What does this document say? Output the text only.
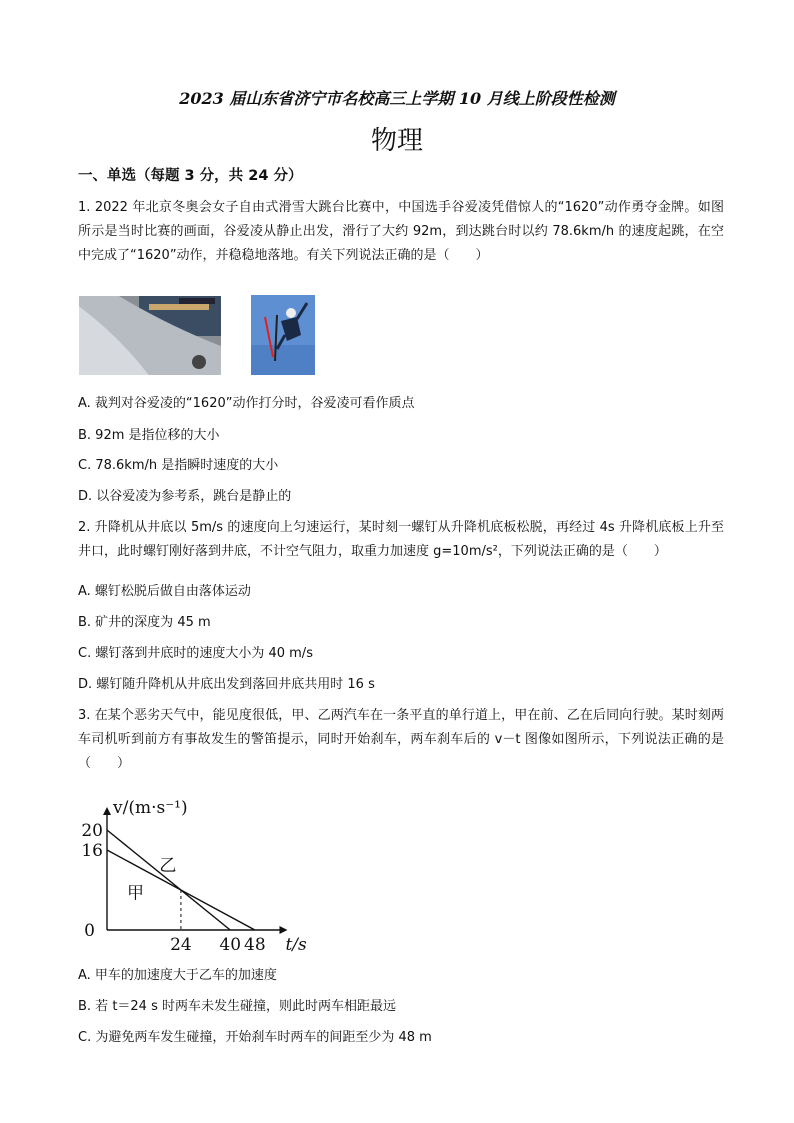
2023 届山东省济宁市名校高三上学期 10 月线上阶段性检测
物理
一、单选（每题 3 分，共 24 分）

1. 2022 年北京冬奥会女子自由式滑雪大跳台比赛中，中国选手谷爱凌凭借惊人的“1620”动作勇夺金牌。如图所示是当时比赛的画面，谷爱凌从静止出发，滑行了大约 92m，到达跳台时以约 78.6km/h 的速度起跳，在空中完成了“1620”动作，并稳稳地落地。有关下列说法正确的是（　　）

A. 裁判对谷爱凌的“1620”动作打分时，谷爱凌可看作质点
B. 92m 是指位移的大小
C. 78.6km/h 是指瞬时速度的大小
D. 以谷爱凌为参考系，跳台是静止的

2. 升降机从井底以 5m/s 的速度向上匀速运行，某时刻一螺钉从升降机底板松脱，再经过 4s 升降机底板上升至井口，此时螺钉刚好落到井底，不计空气阻力，取重力加速度 g=10m/s²，下列说法正确的是（　　）

A. 螺钉松脱后做自由落体运动
B. 矿井的深度为 45 m
C. 螺钉落到井底时的速度大小为 40 m/s
D. 螺钉随升降机从井底出发到落回井底共用时 16 s

3. 在某个恶劣天气中，能见度很低，甲、乙两汽车在一条平直的单行道上，甲在前、乙在后同向行驶。某时刻两车司机听到前方有事故发生的警笛提示，同时开始刹车，两车刹车后的 v－t 图像如图所示，下列说法正确的是（　　）

乙
甲
20
16
24 40 48
0
t/s
v/(m·s⁻¹)
A. 甲车的加速度大于乙车的加速度
B. 若 t＝24 s 时两车未发生碰撞，则此时两车相距最远
C. 为避免两车发生碰撞，开始刹车时两车的间距至少为 48 m
